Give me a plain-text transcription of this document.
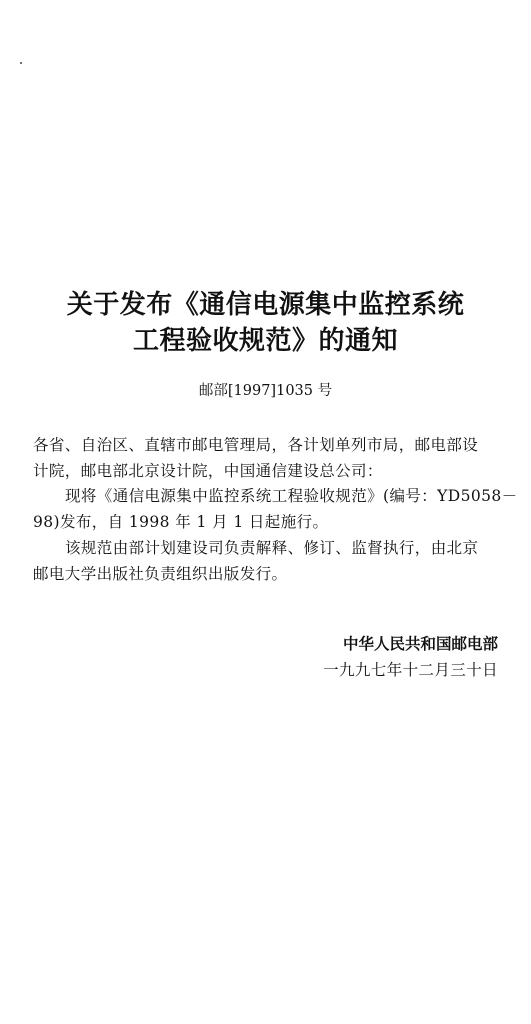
关于发布《通信电源集中监控系统
工程验收规范》的通知
邮部[1997]1035 号
各省、自治区、直辖市邮电管理局，各计划单列市局，邮电部设
计院，邮电部北京设计院，中国通信建设总公司：
现将《通信电源集中监控系统工程验收规范》(编号：YD5058－
98)发布，自 1998 年 1 月 1 日起施行。
该规范由部计划建设司负责解释、修订、监督执行，由北京
邮电大学出版社负责组织出版发行。
中华人民共和国邮电部
一九九七年十二月三十日
